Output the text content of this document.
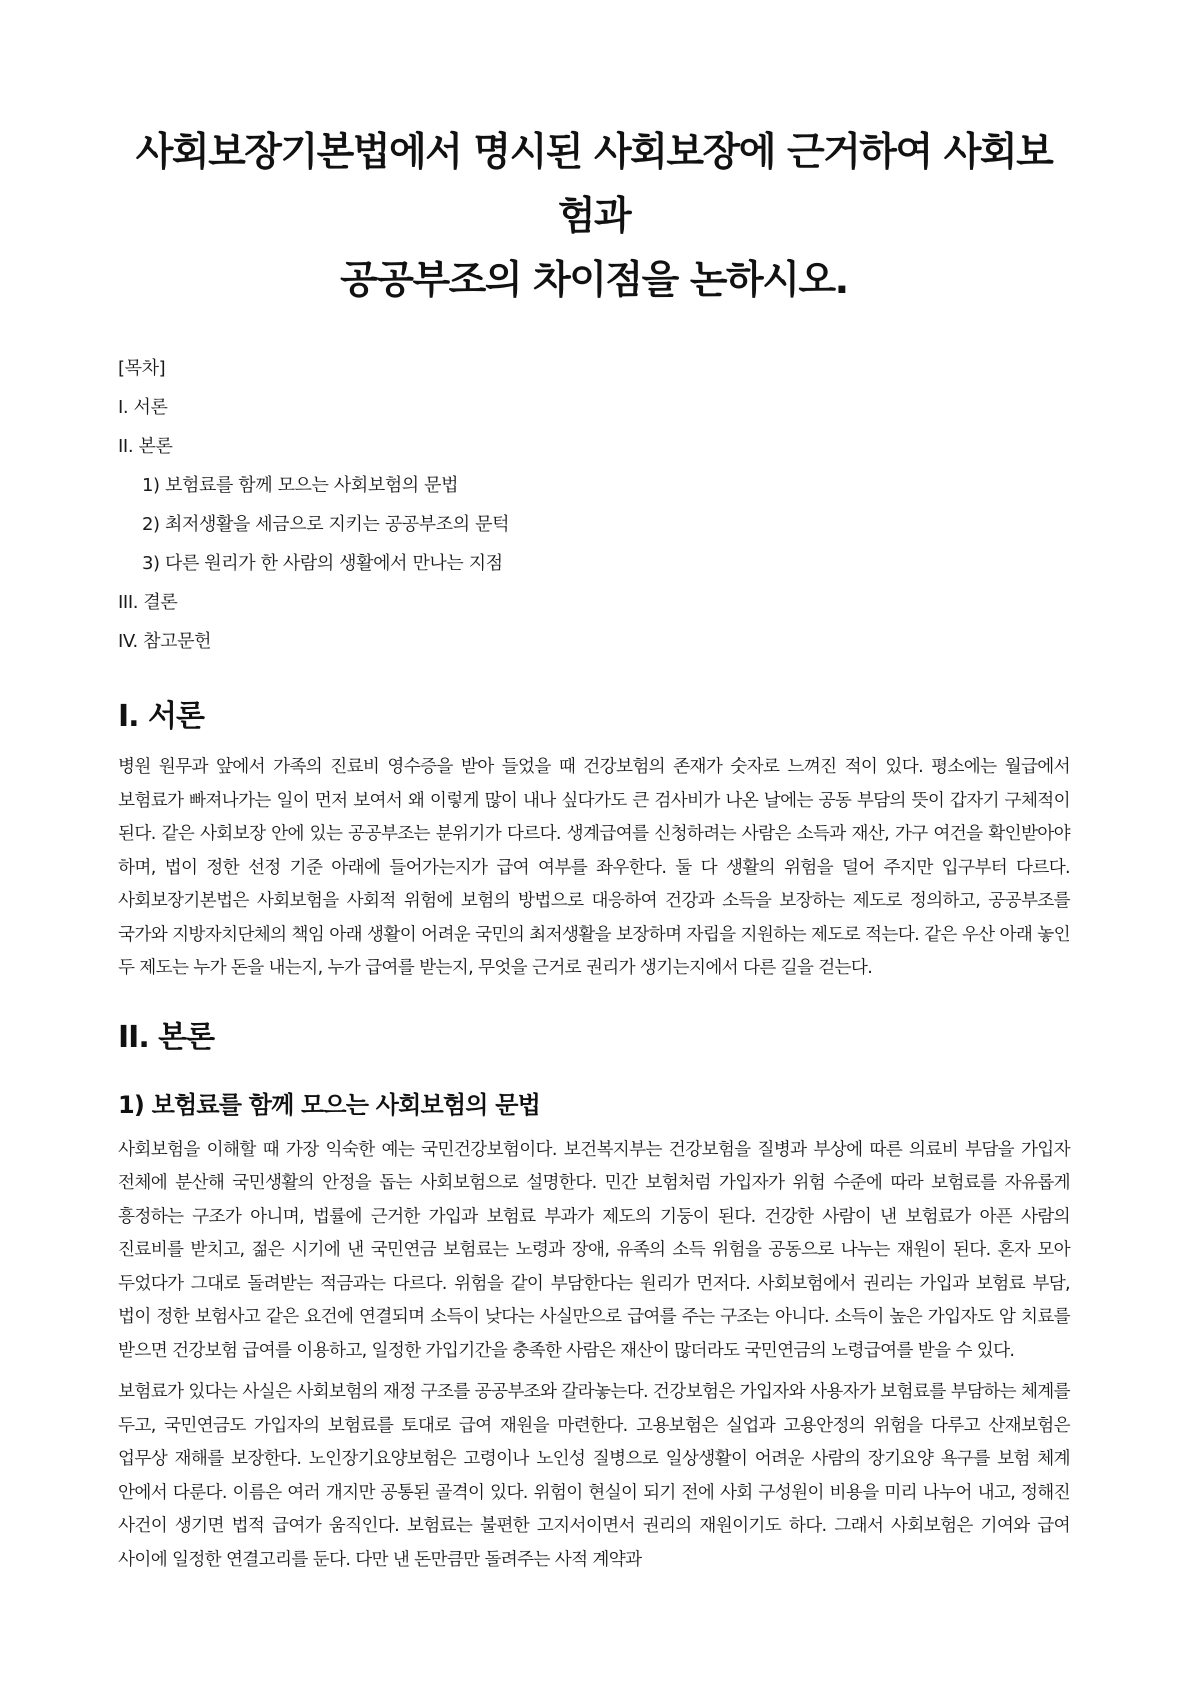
사회보장기본법에서 명시된 사회보장에 근거하여 사회보험과
공공부조의 차이점을 논하시오.
[목차]
I. 서론
II. 본론
1) 보험료를 함께 모으는 사회보험의 문법
2) 최저생활을 세금으로 지키는 공공부조의 문턱
3) 다른 원리가 한 사람의 생활에서 만나는 지점
III. 결론
IV. 참고문헌
I. 서론

병원 원무과 앞에서 가족의 진료비 영수증을 받아 들었을 때 건강보험의 존재가 숫자로 느껴진 적이 있다. 평소에는 월급에서 보험료가 빠져나가는 일이 먼저 보여서 왜 이렇게 많이 내나 싶다가도 큰 검사비가 나온 날에는 공동 부담의 뜻이 갑자기 구체적이 된다. 같은 사회보장 안에 있는 공공부조는 분위기가 다르다. 생계급여를 신청하려는 사람은 소득과 재산, 가구 여건을 확인받아야 하며, 법이 정한 선정 기준 아래에 들어가는지가 급여 여부를 좌우한다. 둘 다 생활의 위험을 덜어 주지만 입구부터 다르다. 사회보장기본법은 사회보험을 사회적 위험에 보험의 방법으로 대응하여 건강과 소득을 보장하는 제도로 정의하고, 공공부조를 국가와 지방자치단체의 책임 아래 생활이 어려운 국민의 최저생활을 보장하며 자립을 지원하는 제도로 적는다. 같은 우산 아래 놓인 두 제도는 누가 돈을 내는지, 누가 급여를 받는지, 무엇을 근거로 권리가 생기는지에서 다른 길을 걷는다.

II. 본론
1) 보험료를 함께 모으는 사회보험의 문법

사회보험을 이해할 때 가장 익숙한 예는 국민건강보험이다. 보건복지부는 건강보험을 질병과 부상에 따른 의료비 부담을 가입자 전체에 분산해 국민생활의 안정을 돕는 사회보험으로 설명한다. 민간 보험처럼 가입자가 위험 수준에 따라 보험료를 자유롭게 흥정하는 구조가 아니며, 법률에 근거한 가입과 보험료 부과가 제도의 기둥이 된다. 건강한 사람이 낸 보험료가 아픈 사람의 진료비를 받치고, 젊은 시기에 낸 국민연금 보험료는 노령과 장애, 유족의 소득 위험을 공동으로 나누는 재원이 된다. 혼자 모아 두었다가 그대로 돌려받는 적금과는 다르다. 위험을 같이 부담한다는 원리가 먼저다. 사회보험에서 권리는 가입과 보험료 부담, 법이 정한 보험사고 같은 요건에 연결되며 소득이 낮다는 사실만으로 급여를 주는 구조는 아니다. 소득이 높은 가입자도 암 치료를 받으면 건강보험 급여를 이용하고, 일정한 가입기간을 충족한 사람은 재산이 많더라도 국민연금의 노령급여를 받을 수 있다.

보험료가 있다는 사실은 사회보험의 재정 구조를 공공부조와 갈라놓는다. 건강보험은 가입자와 사용자가 보험료를 부담하는 체계를 두고, 국민연금도 가입자의 보험료를 토대로 급여 재원을 마련한다. 고용보험은 실업과 고용안정의 위험을 다루고 산재보험은 업무상 재해를 보장한다. 노인장기요양보험은 고령이나 노인성 질병으로 일상생활이 어려운 사람의 장기요양 욕구를 보험 체계 안에서 다룬다. 이름은 여러 개지만 공통된 골격이 있다. 위험이 현실이 되기 전에 사회 구성원이 비용을 미리 나누어 내고, 정해진 사건이 생기면 법적 급여가 움직인다. 보험료는 불편한 고지서이면서 권리의 재원이기도 하다. 그래서 사회보험은 기여와 급여 사이에 일정한 연결고리를 둔다. 다만 낸 돈만큼만 돌려주는 사적 계약과
